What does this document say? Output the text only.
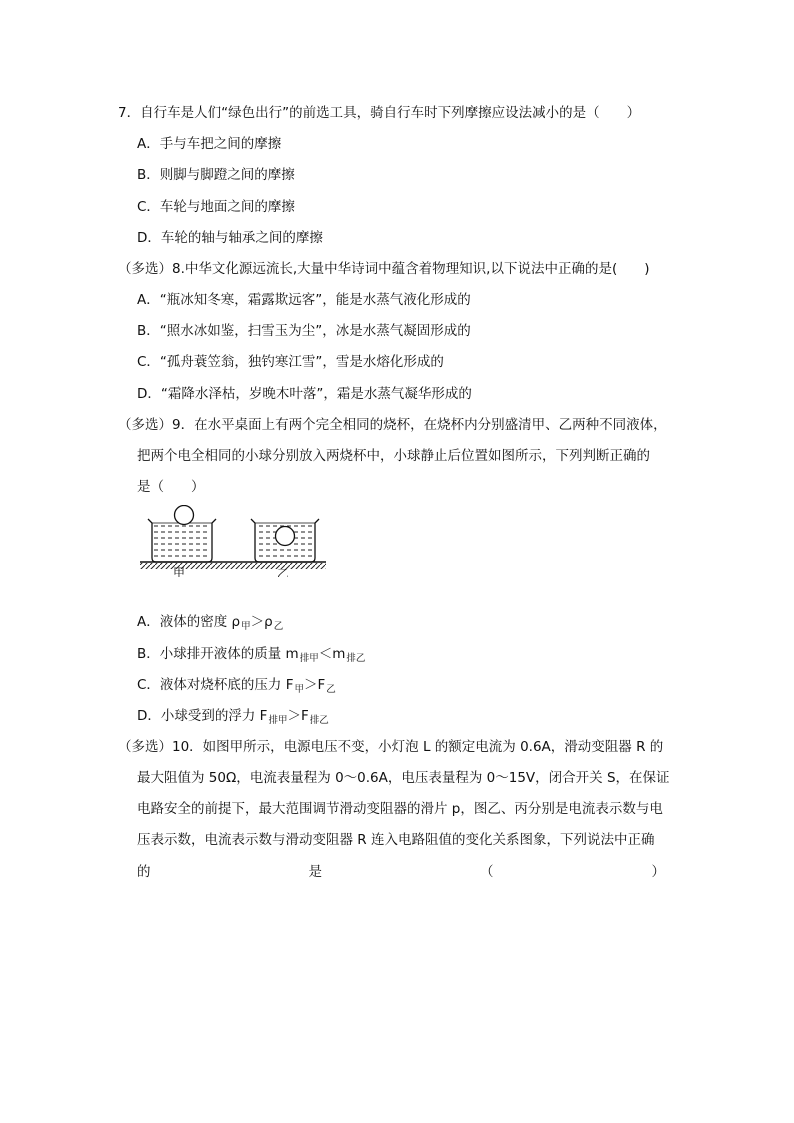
7．自行车是人们“绿色出行”的前选工具，骑自行车时下列摩擦应设法减小的是（　　）
A．手与车把之间的摩擦
B．则脚与脚蹬之间的摩擦
C．车轮与地面之间的摩擦
D．车轮的轴与轴承之间的摩擦
（多选）8.中华文化源远流长,大量中华诗词中蕴含着物理知识,以下说法中正确的是(　　)
A．“瓶冰知冬寒，霜露欺远客”，能是水蒸气液化形成的
B．“照水冰如鉴，扫雪玉为尘”，冰是水蒸气凝固形成的
C．“孤舟蓑笠翁，独钓寒江雪”，雪是水熔化形成的
D．“霜降水泽枯，岁晚木叶落”，霜是水蒸气凝华形成的
（多选）9．在水平桌面上有两个完全相同的烧杯，在烧杯内分别盛清甲、乙两种不同液体，
把两个电全相同的小球分别放入两烧杯中，小球静止后位置如图所示，下列判断正确的
是（　　）
甲	乙
A．液体的密度 $\rho_甲>\rho_乙$
B．小球排开液体的质量 $m_{排甲}<m_{排乙}$
C．液体对烧杯底的压力 $F_甲>F_乙$
D．小球受到的浮力 $F_{排甲}>F_{排乙}$
（多选）10．如图甲所示，电源电压不变，小灯泡 L 的额定电流为 0.6A，滑动变阻器 R 的
最大阻值为 50Ω，电流表量程为 0～0.6A，电压表量程为 0～15V，闭合开关 S，在保证
电路安全的前提下，最大范围调节滑动变阻器的滑片 p，图乙、丙分别是电流表示数与电
压表示数，电流表示数与滑动变阻器 R 连入电路阻值的变化关系图象，下列说法中正确
的	是	（	）
